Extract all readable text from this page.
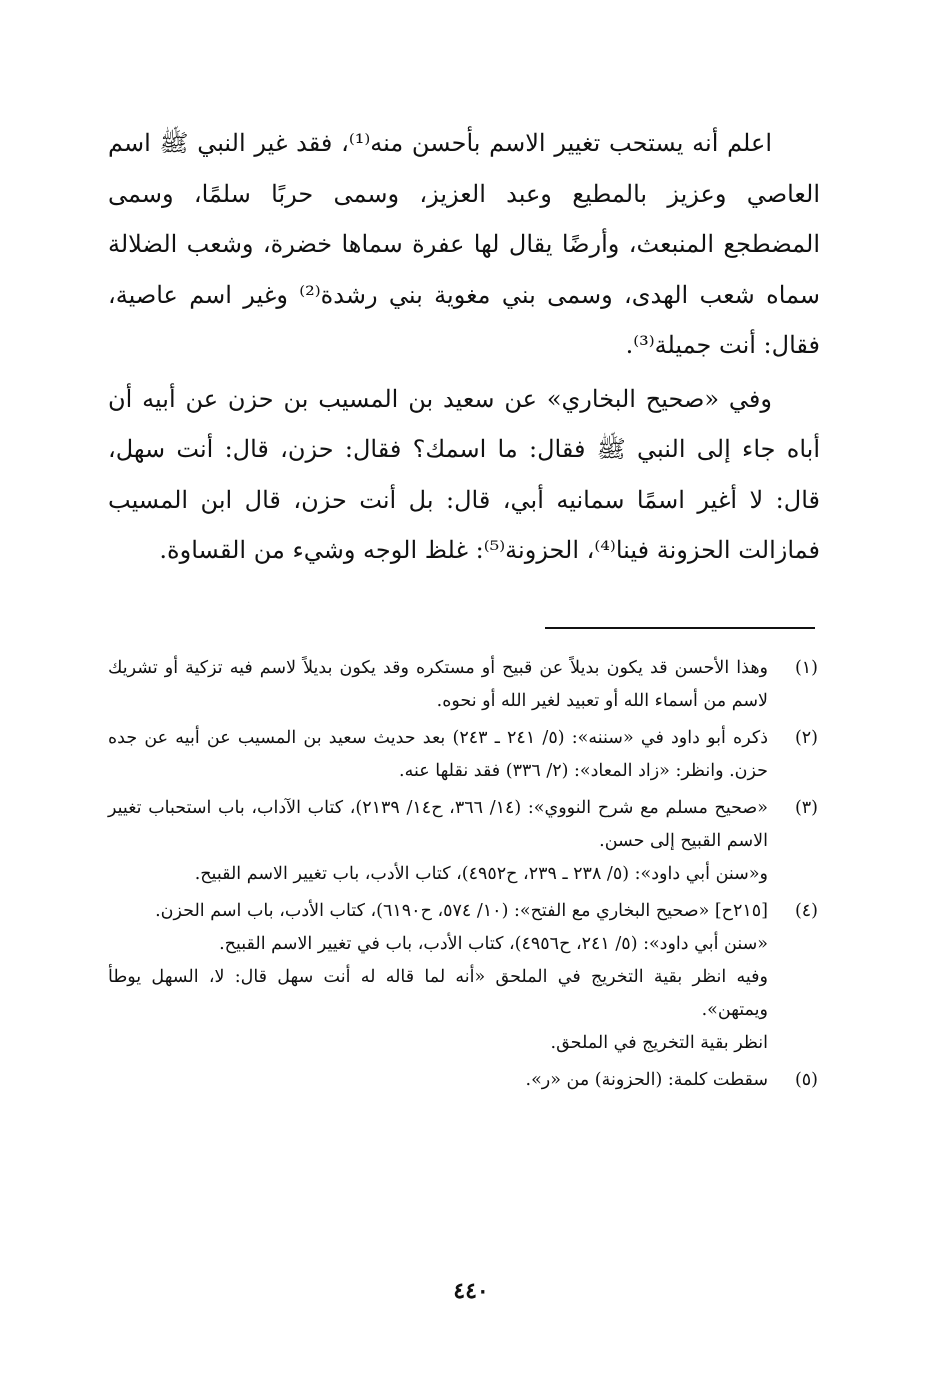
اعلم أنه يستحب تغيير الاسم بأحسن منه⁽¹⁾، فقد غير النبي ﷺ اسم العاصي وعزيز بالمطيع وعبد العزيز، وسمى حربًا سلمًا، وسمى المضطجع المنبعث، وأرضًا يقال لها عفرة سماها خضرة، وشعب الضلالة سماه شعب الهدى، وسمى بني مغوية بني رشدة⁽²⁾ وغير اسم عاصية، فقال: أنت جميلة⁽³⁾.

وفي «صحيح البخاري» عن سعيد بن المسيب بن حزن عن أبيه أن أباه جاء إلى النبي ﷺ فقال: ما اسمك؟ فقال: حزن، قال: أنت سهل، قال: لا أغير اسمًا سمانيه أبي، قال: بل أنت حزن، قال ابن المسيب فمازالت الحزونة فينا⁽⁴⁾، الحزونة⁽⁵⁾: غلظ الوجه وشيء من القساوة.

(١)
وهذا الأحسن قد يكون بديلاً عن قبيح أو مستكره وقد يكون بديلاً لاسم فيه تزكية أو تشريك لاسم من أسماء الله أو تعبيد لغير الله أو نحوه.
(٢)
ذكره أبو داود في «سننه»: (٥/ ٢٤١ ـ ٢٤٣) بعد حديث سعيد بن المسيب عن أبيه عن جده حزن. وانظر: «زاد المعاد»: (٢/ ٣٣٦) فقد نقلها عنه.
(٣)
«صحيح مسلم مع شرح النووي»: (١٤/ ٣٦٦، ح١٤/ ٢١٣٩)، كتاب الآداب، باب استحباب تغيير الاسم القبيح إلى حسن.
و«سنن أبي داود»: (٥/ ٢٣٨ ـ ٢٣٩، ح٤٩٥٢)، كتاب الأدب، باب تغيير الاسم القبيح.
(٤)
[٢١٥ح] «صحيح البخاري مع الفتح»: (١٠/ ٥٧٤، ح٦١٩٠)، كتاب الأدب، باب اسم الحزن.
«سنن أبي داود»: (٥/ ٢٤١، ح٤٩٥٦)، كتاب الأدب، باب في تغيير الاسم القبيح.
وفيه انظر بقية التخريج في الملحق «أنه لما قاله له أنت سهل قال: لا، السهل يوطأ ويمتهن».
انظر بقية التخريج في الملحق.
(٥)
سقطت كلمة: (الحزونة) من «ر».
٤٤٠
